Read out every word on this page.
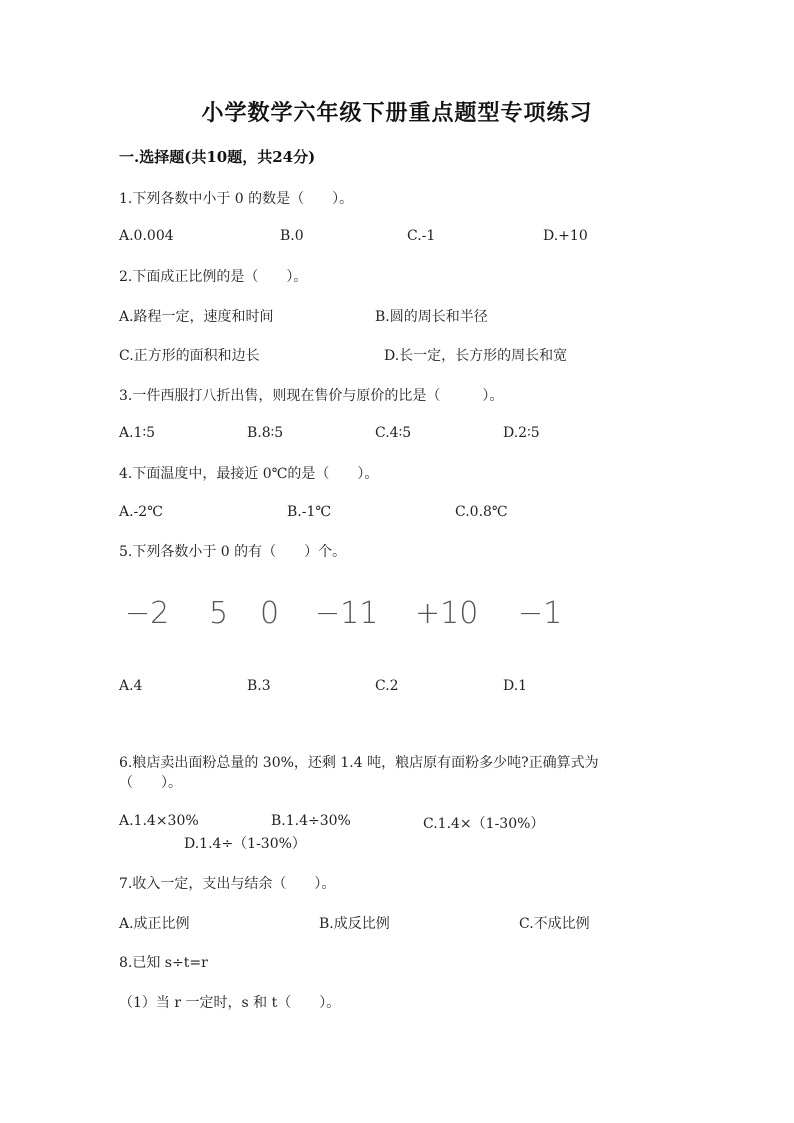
小学数学六年级下册重点题型专项练习
一.选择题(共10题，共24分)
1.下列各数中小于 0 的数是（　　）。
A.0.004	B.0	C.-1	D.+10
2.下面成正比例的是（　　）。
A.路程一定，速度和时间	B.圆的周长和半径
C.正方形的面积和边长	D.长一定，长方形的周长和宽
3.一件西服打八折出售，则现在售价与原价的比是（　　　）。
A.1∶5	B.8∶5	C.4∶5	D.2∶5
4.下面温度中，最接近 0℃的是（　　）。
A.-2℃	B.-1℃	C.0.8℃
5.下列各数小于 0 的有（　　）个。
−2 5 0 −11 +10 −1
A.4	B.3	C.2	D.1
6.粮店卖出面粉总量的 30%，还剩 1.4 吨，粮店原有面粉多少吨?正确算式为
（　　）。
A.1.4×30%	B.1.4÷30%	C.1.4×（1-30%）
D.1.4÷（1-30%）
7.收入一定，支出与结余（　　）。
A.成正比例	B.成反比例	C.不成比例
8.已知 s÷t=r
（1）当 r 一定时，s 和 t（　　）。
